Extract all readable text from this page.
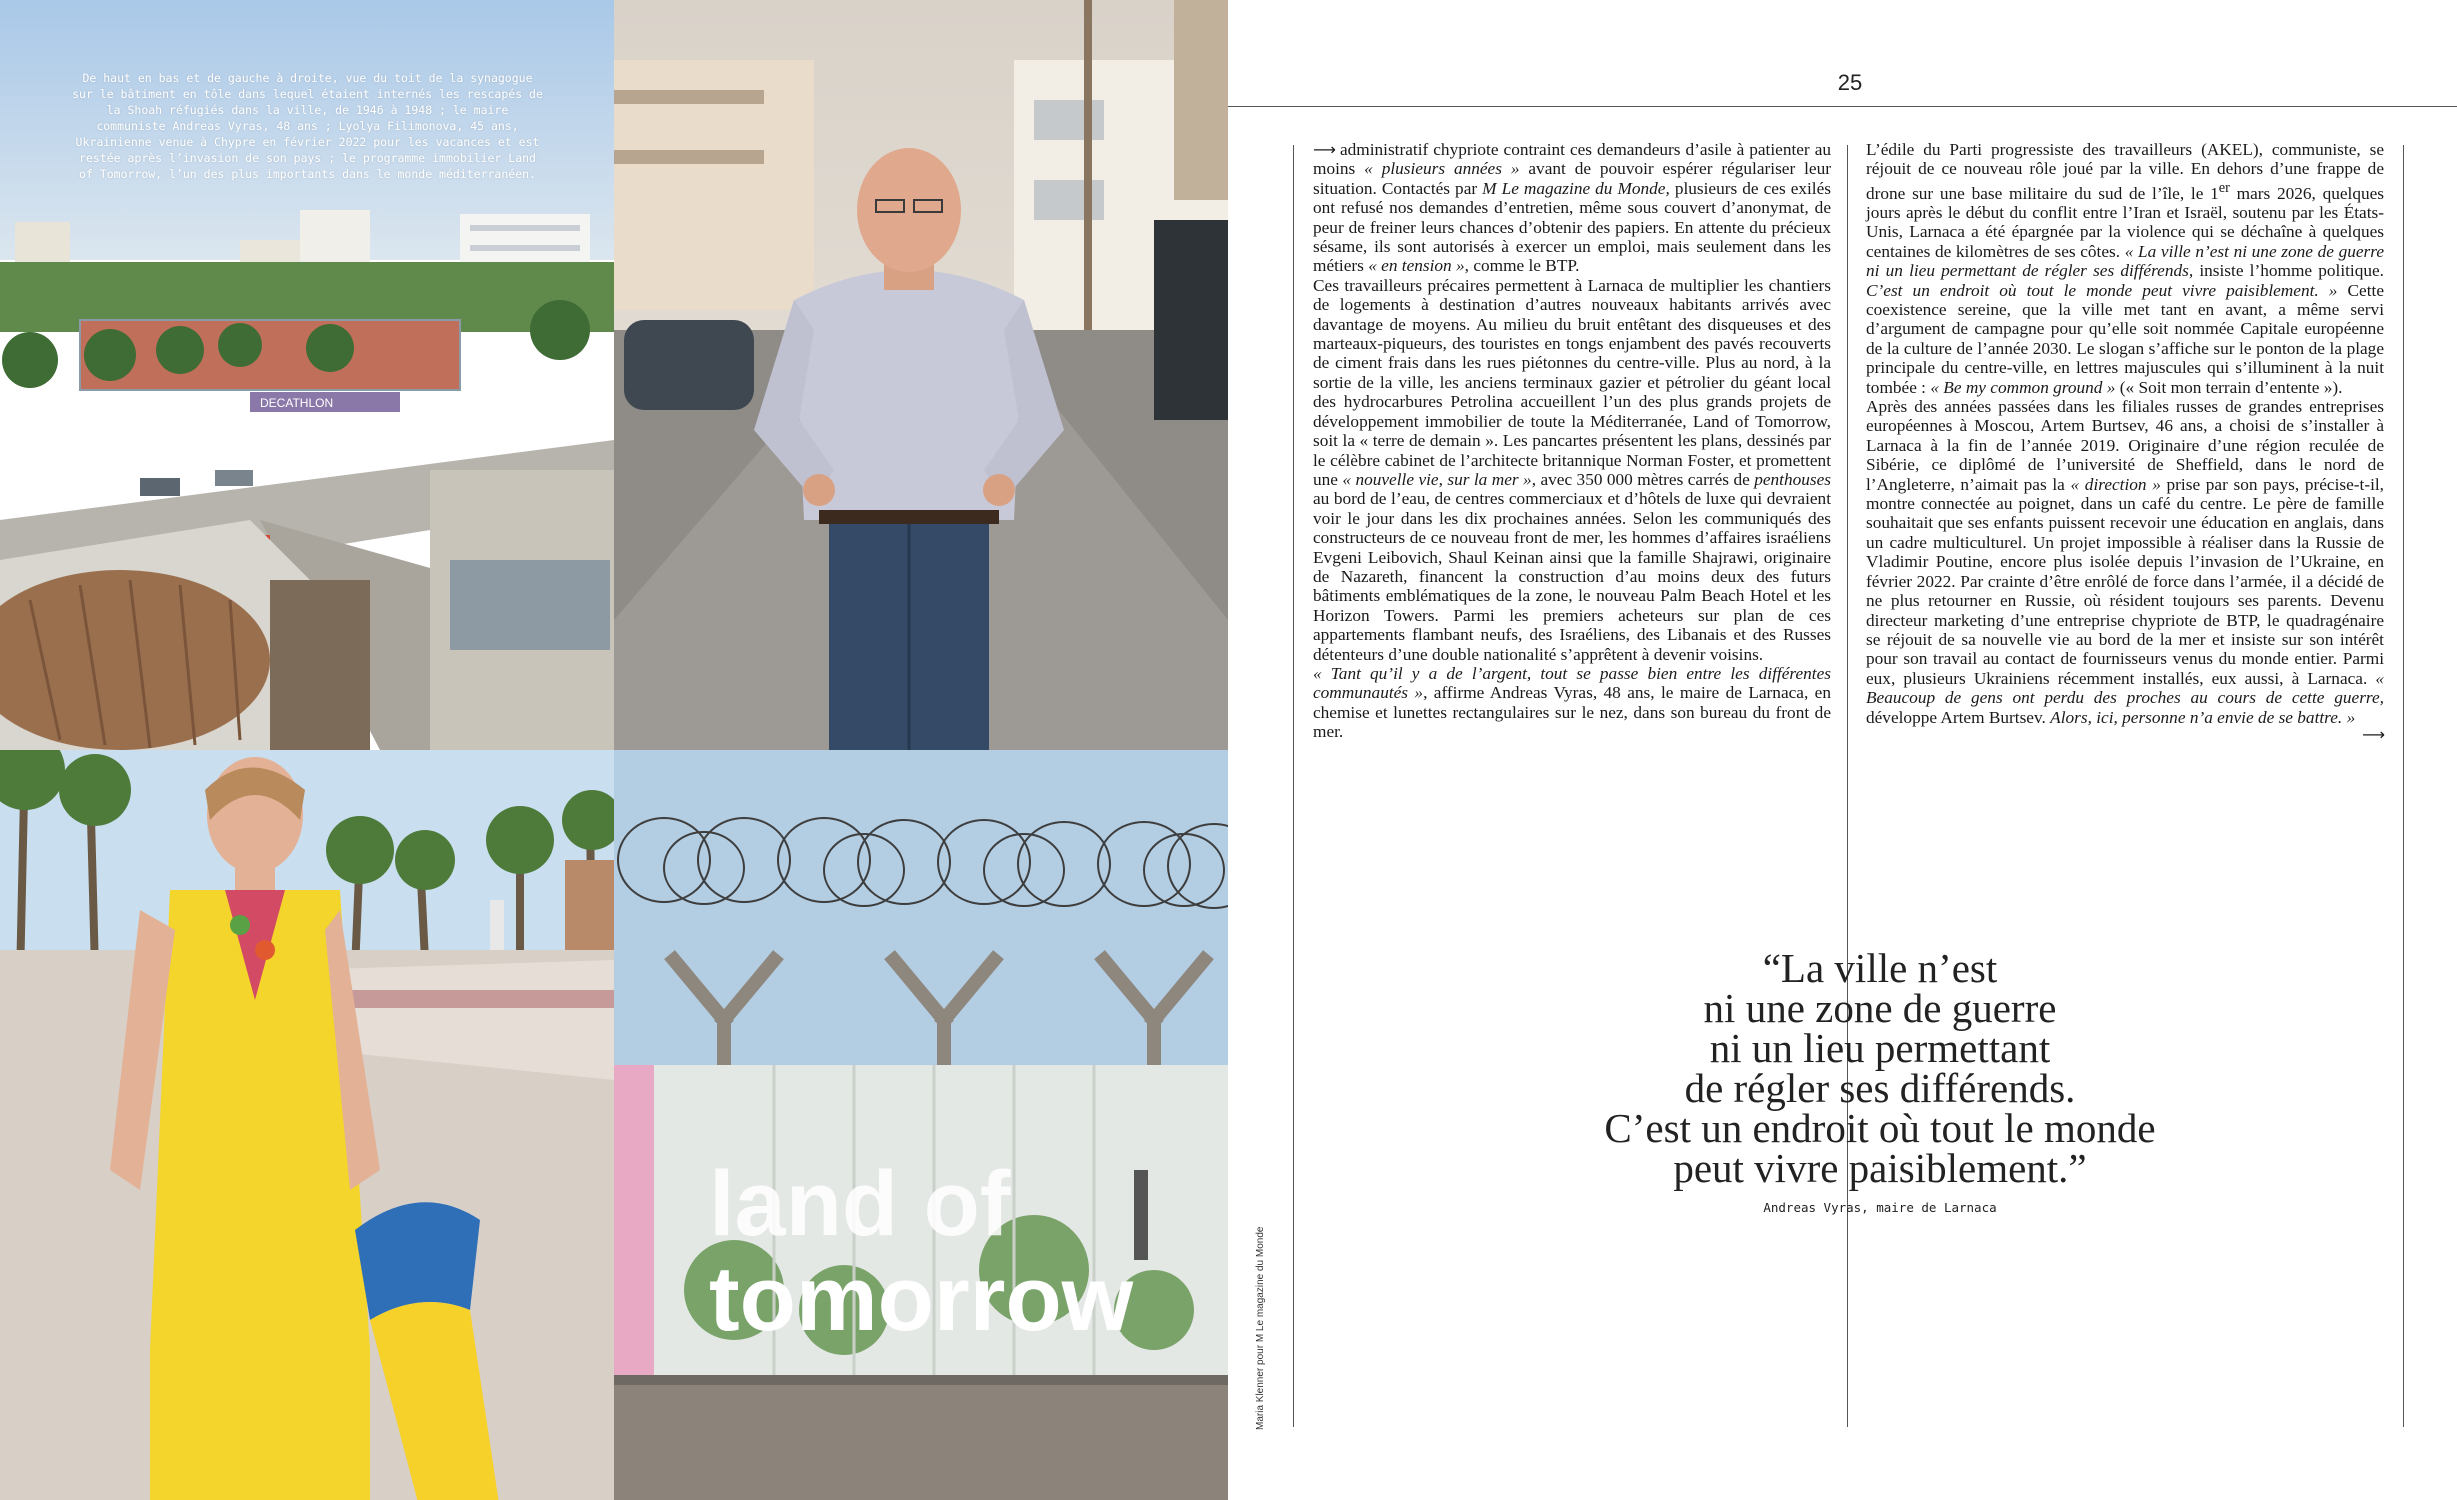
DECATHLON
De haut en bas et de gauche à droite, vue du toit de la synagogue sur le bâtiment en tôle dans lequel étaient internés les rescapés de la Shoah réfugiés dans la ville, de 1946 à 1948 ; le maire communiste Andreas Vyras, 48 ans ; Lyolya Filimonova, 45 ans, Ukrainienne venue à Chypre en février 2022 pour les vacances et est restée après l’invasion de son pays ; le programme immobilier Land of Tomorrow, l’un des plus importants dans le monde méditerranéen.
land of
tomorrow	Maria Klenner pour M Le magazine du Monde
25

⟶ administratif chypriote contraint ces demandeurs d’asile à patienter au moins « plusieurs années » avant de pouvoir espérer régulariser leur situation. Contactés par M Le magazine du Monde, plusieurs de ces exilés ont refusé nos demandes d’entretien, même sous couvert d’anonymat, de peur de freiner leurs chances d’obtenir des papiers. En attente du précieux sésame, ils sont autorisés à exercer un emploi, mais seulement dans les métiers « en tension », comme le BTP.

Ces travailleurs précaires permettent à Larnaca de multiplier les chantiers de logements à destination d’autres nouveaux habitants arrivés avec davantage de moyens. Au milieu du bruit entêtant des disqueuses et des marteaux-piqueurs, des touristes en tongs enjambent des pavés recouverts de ciment frais dans les rues piétonnes du centre-ville. Plus au nord, à la sortie de la ville, les anciens terminaux gazier et pétrolier du géant local des hydrocarbures Petrolina accueillent l’un des plus grands projets de développement immobilier de toute la Méditerranée, Land of Tomorrow, soit la « terre de demain ». Les pancartes présentent les plans, dessinés par le célèbre cabinet de l’architecte britannique Norman Foster, et promettent une « nouvelle vie, sur la mer », avec 350 000 mètres carrés de penthouses au bord de l’eau, de centres commerciaux et d’hôtels de luxe qui devraient voir le jour dans les dix prochaines années. Selon les communiqués des constructeurs de ce nouveau front de mer, les hommes d’affaires israéliens Evgeni Leibovich, Shaul Keinan ainsi que la famille Shajrawi, originaire de Nazareth, financent la construction d’au moins deux des futurs bâtiments emblématiques de la zone, le nouveau Palm Beach Hotel et les Horizon Towers. Parmi les premiers acheteurs sur plan de ces appartements flambant neufs, des Israéliens, des Libanais et des Russes détenteurs d’une double nationalité s’apprêtent à devenir voisins.

« Tant qu’il y a de l’argent, tout se passe bien entre les différentes communautés », affirme Andreas Vyras, 48 ans, le maire de Larnaca, en chemise et lunettes rectangulaires sur le nez, dans son bureau du front de mer.

L’édile du Parti progressiste des travailleurs (AKEL), communiste, se réjouit de ce nouveau rôle joué par la ville. En dehors d’une frappe de drone sur une base militaire du sud de l’île, le 1er mars 2026, quelques jours après le début du conflit entre l’Iran et Israël, soutenu par les États-Unis, Larnaca a été épargnée par la violence qui se déchaîne à quelques centaines de kilomètres de ses côtes. « La ville n’est ni une zone de guerre ni un lieu permettant de régler ses différends, insiste l’homme politique. C’est un endroit où tout le monde peut vivre paisiblement. » Cette coexistence sereine, que la ville met tant en avant, a même servi d’argument de campagne pour qu’elle soit nommée Capitale européenne de la culture de l’année 2030. Le slogan s’affiche sur le ponton de la plage principale du centre-ville, en lettres majuscules qui s’illuminent à la nuit tombée : « Be my common ground » (« Soit mon terrain d’entente »).

Après des années passées dans les filiales russes de grandes entreprises européennes à Moscou, Artem Burtsev, 46 ans, a choisi de s’installer à Larnaca à la fin de l’année 2019. Originaire d’une région reculée de Sibérie, ce diplômé de l’université de Sheffield, dans le nord de l’Angleterre, n’aimait pas la « direction » prise par son pays, précise-t-il, montre connectée au poignet, dans un café du centre. Le père de famille souhaitait que ses enfants puissent recevoir une éducation en anglais, dans un cadre multiculturel. Un projet impossible à réaliser dans la Russie de Vladimir Poutine, encore plus isolée depuis l’invasion de l’Ukraine, en février 2022. Par crainte d’être enrôlé de force dans l’armée, il a décidé de ne plus retourner en Russie, où résident toujours ses parents. Devenu directeur marketing d’une entreprise chypriote de BTP, le quadragénaire se réjouit de sa nouvelle vie au bord de la mer et insiste sur son intérêt pour son travail au contact de fournisseurs venus du monde entier. Parmi eux, plusieurs Ukrainiens récemment installés, eux aussi, à Larnaca. « Beaucoup de gens ont perdu des proches au cours de cette guerre, développe Artem Burtsev. Alors, ici, personne n’a envie de se battre. »

⟶
“La ville n’est
ni une zone de guerre
ni un lieu permettant
de régler ses différends.
C’est un endroit où tout le monde
peut vivre paisiblement.”
Andreas Vyras, maire de Larnaca
